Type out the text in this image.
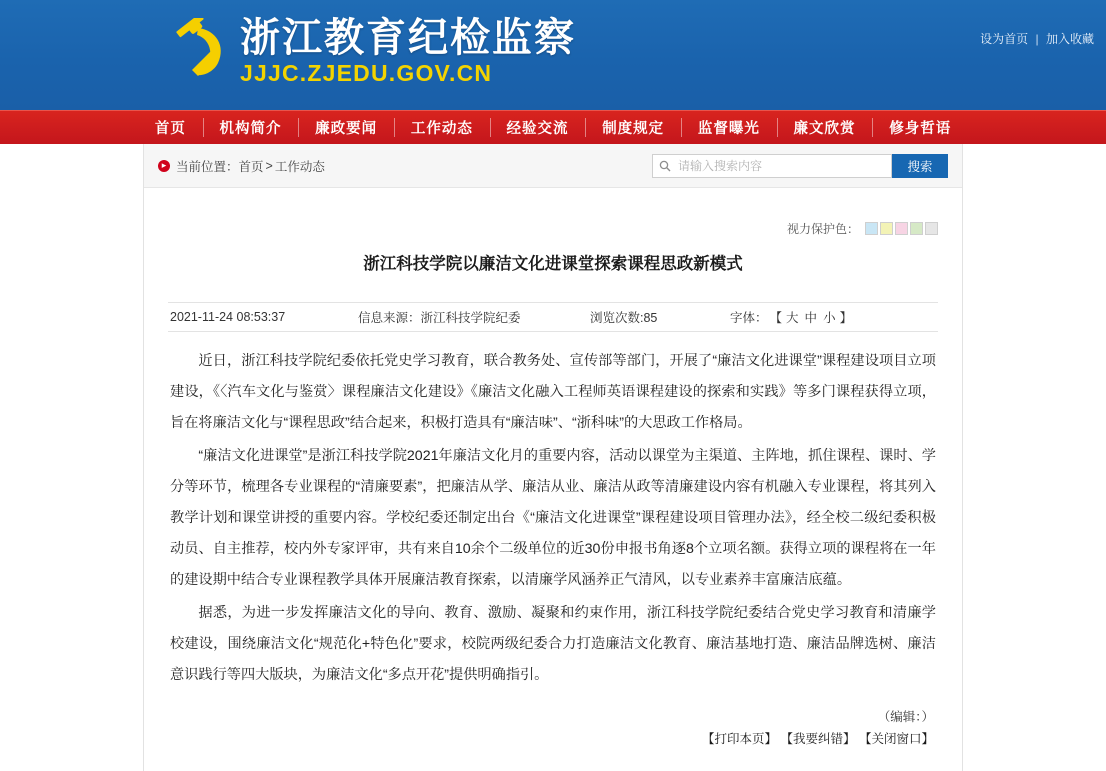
浙江教育纪检监察
JJJC.ZJEDU.GOV.CN
设为首页 | 加入收藏
首页	机构简介	廉政要闻	工作动态	经验交流	制度规定	监督曝光	廉文欣赏	修身哲语
▸ 当前位置： 首页 > 工作动态
请输入搜索内容	搜索
视力保护色：
浙江科技学院以廉洁文化进课堂探索课程思政新模式
2021-11-24 08:53:37	信息来源：浙江科技学院纪委	浏览次数:85	字体： 【 大 中 小 】

近日，浙江科技学院纪委依托党史学习教育，联合教务处、宣传部等部门，开展了“廉洁文化进课堂”课程建设项目立项建设，《〈汽车文化与鉴赏〉课程廉洁文化建设》《廉洁文化融入工程师英语课程建设的探索和实践》等多门课程获得立项，旨在将廉洁文化与“课程思政”结合起来，积极打造具有“廉洁味”、“浙科味”的大思政工作格局。

“廉洁文化进课堂”是浙江科技学院2021年廉洁文化月的重要内容，活动以课堂为主渠道、主阵地，抓住课程、课时、学分等环节，梳理各专业课程的“清廉要素”，把廉洁从学、廉洁从业、廉洁从政等清廉建设内容有机融入专业课程，将其列入教学计划和课堂讲授的重要内容。学校纪委还制定出台《“廉洁文化进课堂”课程建设项目管理办法》，经全校二级纪委积极动员、自主推荐，校内外专家评审，共有来自10余个二级单位的近30份申报书角逐8个立项名额。获得立项的课程将在一年的建设期中结合专业课程教学具体开展廉洁教育探索，以清廉学风涵养正气清风，以专业素养丰富廉洁底蕴。

据悉，为进一步发挥廉洁文化的导向、教育、激励、凝聚和约束作用，浙江科技学院纪委结合党史学习教育和清廉学校建设，围绕廉洁文化“规范化+特色化”要求，校院两级纪委合力打造廉洁文化教育、廉洁基地打造、廉洁品牌选树、廉洁意识践行等四大版块，为廉洁文化“多点开花”提供明确指引。

（编辑：）
【打印本页】 【我要纠错】 【关闭窗口】
